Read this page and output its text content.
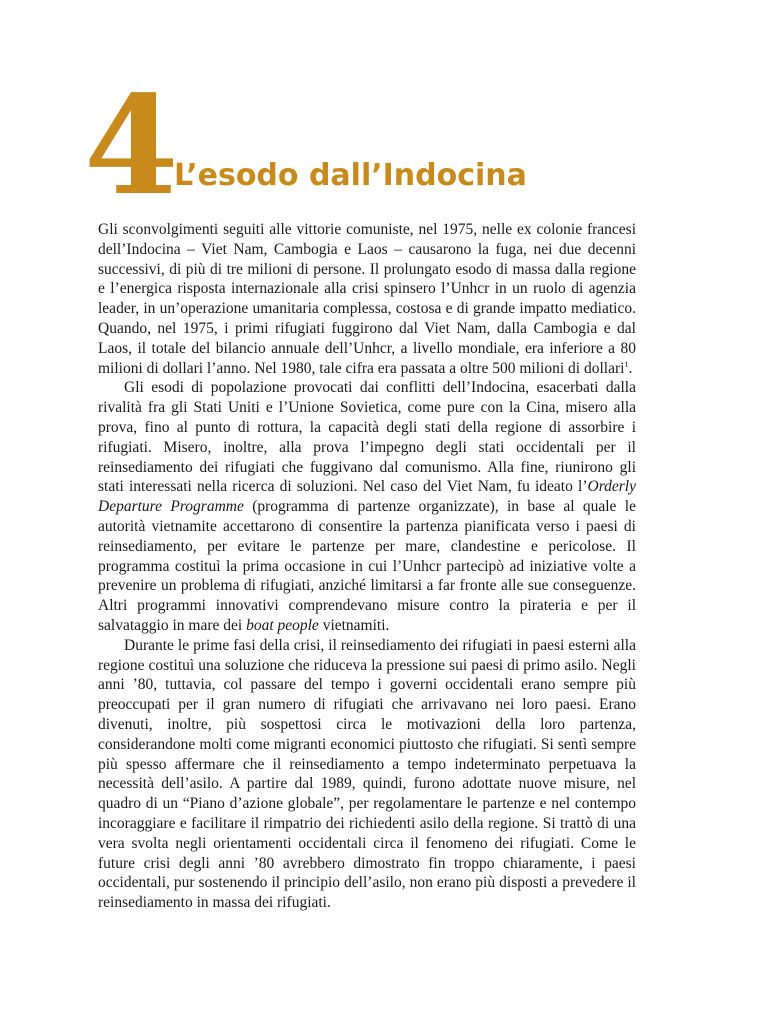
4
L’esodo dall’Indocina

Gli sconvolgimenti seguiti alle vittorie comuniste, nel 1975, nelle ex colonie francesi dell’Indocina – Viet Nam, Cambogia e Laos – causarono la fuga, nei due decenni successivi, di più di tre milioni di persone. Il prolungato esodo di massa dalla regione e l’energica risposta internazionale alla crisi spinsero l’Unhcr in un ruolo di agenzia leader, in un’operazione umanitaria complessa, costosa e di grande impatto mediatico. Quando, nel 1975, i primi rifugiati fuggirono dal Viet Nam, dalla Cambogia e dal Laos, il totale del bilancio annuale dell’Unhcr, a livello mondiale, era inferiore a 80 milioni di dollari l’anno. Nel 1980, tale cifra era passata a oltre 500 milioni di dollari$^1$.

Gli esodi di popolazione provocati dai conflitti dell’Indocina, esacerbati dalla rivalità fra gli Stati Uniti e l’Unione Sovietica, come pure con la Cina, misero alla prova, fino al punto di rottura, la capacità degli stati della regione di assorbire i rifugiati. Misero, inoltre, alla prova l’impegno degli stati occidentali per il reinsediamento dei rifugiati che fuggivano dal comunismo. Alla fine, riunirono gli stati interessati nella ricerca di soluzioni. Nel caso del Viet Nam, fu ideato l’Orderly Departure Programme (programma di partenze organizzate), in base al quale le autorità vietnamite accettarono di consentire la partenza pianificata verso i paesi di reinsediamento, per evitare le partenze per mare, clandestine e pericolose. Il programma costituì la prima occasione in cui l’Unhcr partecipò ad iniziative volte a prevenire un problema di rifugiati, anziché limitarsi a far fronte alle sue conseguenze. Altri programmi innovativi comprendevano misure contro la pirateria e per il salvataggio in mare dei boat people vietnamiti.

Durante le prime fasi della crisi, il reinsediamento dei rifugiati in paesi esterni alla regione costituì una soluzione che riduceva la pressione sui paesi di primo asilo. Negli anni ’80, tuttavia, col passare del tempo i governi occidentali erano sempre più preoccupati per il gran numero di rifugiati che arrivavano nei loro paesi. Erano divenuti, inoltre, più sospettosi circa le motivazioni della loro partenza, considerandone molti come migranti economici piuttosto che rifugiati. Si sentì sempre più spesso affermare che il reinsediamento a tempo indeterminato perpetuava la necessità dell’asilo. A partire dal 1989, quindi, furono adottate nuove misure, nel quadro di un “Piano d’azione globale”, per regolamentare le partenze e nel contempo incoraggiare e facilitare il rimpatrio dei richiedenti asilo della regione. Si trattò di una vera svolta negli orientamenti occidentali circa il fenomeno dei rifugiati. Come le future crisi degli anni ’80 avrebbero dimostrato fin troppo chiaramente, i paesi occidentali, pur sostenendo il principio dell’asilo, non erano più disposti a prevedere il reinsediamento in massa dei rifugiati.
